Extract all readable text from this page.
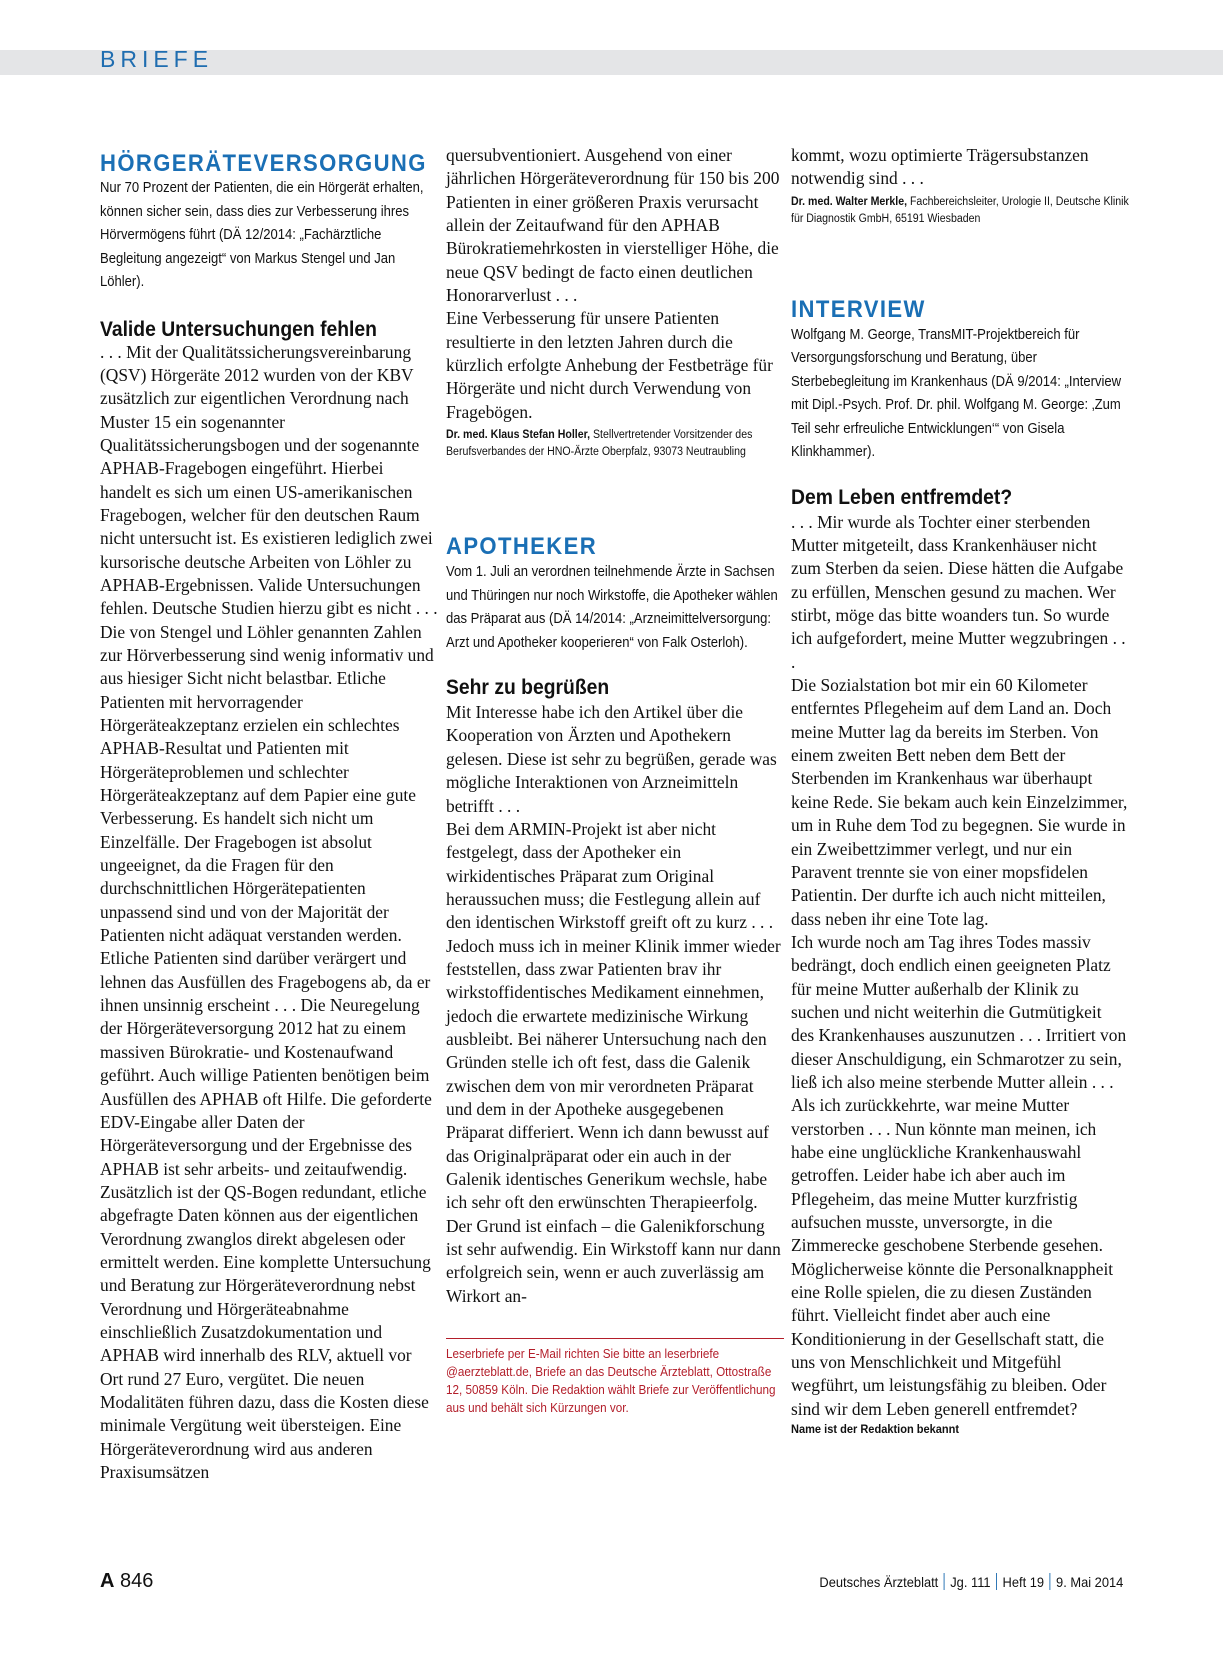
BRIEFE
HÖRGERÄTEVERSORGUNG

Nur 70 Prozent der Patienten, die ein Hörgerät erhalten, können sicher sein, dass dies zur Verbesserung ihres Hörvermögens führt (DÄ 12/2014: „Fachärztliche Begleitung angezeigt“ von Markus Stengel und Jan Löhler).

Valide Untersuchungen fehlen

. . . Mit der Qualitätssicherungsvereinbarung (QSV) Hörgeräte 2012 wurden von der KBV zusätzlich zur eigentlichen Verordnung nach Muster 15 ein sogenannter Qualitätssicherungsbogen und der sogenannte APHAB-Fragebogen eingeführt. Hierbei handelt es sich um einen US-amerikanischen Fragebogen, welcher für den deutschen Raum nicht untersucht ist. Es existieren lediglich zwei kursorische deutsche Arbeiten von Löhler zu APHAB-Ergebnissen. Valide Untersuchungen fehlen. Deutsche Studien hierzu gibt es nicht . . . Die von Stengel und Löhler genannten Zahlen zur Hörverbesserung sind wenig informativ und aus hiesiger Sicht nicht belastbar. Etliche Patienten mit hervorragender Hörgeräteakzeptanz erzielen ein schlechtes APHAB-Resultat und Patienten mit Hörgeräteproblemen und schlechter Hörgeräteakzeptanz auf dem Papier eine gute Verbesserung. Es handelt sich nicht um Einzelfälle. Der Fragebogen ist absolut ungeeignet, da die Fragen für den durchschnittlichen Hörgerätepatienten unpassend sind und von der Majorität der Patienten nicht adäquat verstanden werden. Etliche Patienten sind darüber verärgert und lehnen das Ausfüllen des Fragebogens ab, da er ihnen unsinnig erscheint . . . Die Neuregelung der Hörgeräteversorgung 2012 hat zu einem massiven Bürokratie- und Kostenaufwand geführt. Auch willige Patienten benötigen beim Ausfüllen des APHAB oft Hilfe. Die geforderte EDV-Eingabe aller Daten der Hörgeräteversorgung und der Ergebnisse des APHAB ist sehr arbeits- und zeitaufwendig. Zusätzlich ist der QS-Bogen redundant, etliche abgefragte Daten können aus der eigentlichen Verordnung zwanglos direkt abgelesen oder ermittelt werden. Eine komplette Untersuchung und Beratung zur Hörgeräteverordnung nebst Verordnung und Hörgeräteabnahme einschließlich Zusatzdokumentation und APHAB wird innerhalb des RLV, aktuell vor Ort rund 27 Euro, vergütet. Die neuen Modalitäten führen dazu, dass die Kosten diese minimale Vergütung weit übersteigen. Eine Hörgeräteverordnung wird aus anderen Praxisumsätzen

quersubventioniert. Ausgehend von einer jährlichen Hörgeräteverordnung für 150 bis 200 Patienten in einer größeren Praxis verursacht allein der Zeitaufwand für den APHAB Bürokratiemehrkosten in vierstelliger Höhe, die neue QSV bedingt de facto einen deutlichen Honorarverlust . . .

Eine Verbesserung für unsere Patienten resultierte in den letzten Jahren durch die kürzlich erfolgte Anhebung der Festbeträge für Hörgeräte und nicht durch Verwendung von Fragebögen.

Dr. med. Klaus Stefan Holler, Stellvertretender Vorsitzender des Berufsverbandes der HNO-Ärzte Oberpfalz, 93073 Neutraubling

APOTHEKER

Vom 1. Juli an verordnen teilnehmende Ärzte in Sachsen und Thüringen nur noch Wirkstoffe, die Apotheker wählen das Präparat aus (DÄ 14/2014: „Arzneimittelversorgung: Arzt und Apotheker kooperieren“ von Falk Osterloh).

Sehr zu begrüßen

Mit Interesse habe ich den Artikel über die Kooperation von Ärzten und Apothekern gelesen. Diese ist sehr zu begrüßen, gerade was mögliche Interaktionen von Arzneimitteln betrifft . . .

Bei dem ARMIN-Projekt ist aber nicht festgelegt, dass der Apotheker ein wirkidentisches Präparat zum Original heraussuchen muss; die Festlegung allein auf den identischen Wirkstoff greift oft zu kurz . . .

Jedoch muss ich in meiner Klinik immer wieder feststellen, dass zwar Patienten brav ihr wirkstoffidentisches Medikament einnehmen, jedoch die erwartete medizinische Wirkung ausbleibt. Bei näherer Untersuchung nach den Gründen stelle ich oft fest, dass die Galenik zwischen dem von mir verordneten Präparat und dem in der Apotheke ausgegebenen Präparat differiert. Wenn ich dann bewusst auf das Originalpräparat oder ein auch in der Galenik identisches Generikum wechsle, habe ich sehr oft den erwünschten Therapieerfolg. Der Grund ist einfach – die Galenikforschung ist sehr aufwendig. Ein Wirkstoff kann nur dann erfolgreich sein, wenn er auch zuverlässig am Wirkort an-

Leserbriefe per E-Mail richten Sie bitte an leserbriefe @aerzteblatt.de, Briefe an das Deutsche Ärzteblatt, Ottostraße 12, 50859 Köln. Die Redaktion wählt Briefe zur Veröffentlichung aus und behält sich Kürzungen vor.

kommt, wozu optimierte Trägersubstanzen notwendig sind . . .

Dr. med. Walter Merkle, Fachbereichsleiter, Urologie II, Deutsche Klinik für Diagnostik GmbH, 65191 Wiesbaden

INTERVIEW

Wolfgang M. George, TransMIT-Projektbereich für Versorgungsforschung und Beratung, über Sterbebegleitung im Krankenhaus (DÄ 9/2014: „Interview mit Dipl.-Psych. Prof. Dr. phil. Wolfgang M. George: ‚Zum Teil sehr erfreuliche Entwicklungen‘“ von Gisela Klinkhammer).

Dem Leben entfremdet?

. . . Mir wurde als Tochter einer sterbenden Mutter mitgeteilt, dass Krankenhäuser nicht zum Sterben da seien. Diese hätten die Aufgabe zu erfüllen, Menschen gesund zu machen. Wer stirbt, möge das bitte woanders tun. So wurde ich aufgefordert, meine Mutter wegzubringen . . .

Die Sozialstation bot mir ein 60 Kilometer entferntes Pflegeheim auf dem Land an. Doch meine Mutter lag da bereits im Sterben. Von einem zweiten Bett neben dem Bett der Sterbenden im Krankenhaus war überhaupt keine Rede. Sie bekam auch kein Einzelzimmer, um in Ruhe dem Tod zu begegnen. Sie wurde in ein Zweibettzimmer verlegt, und nur ein Paravent trennte sie von einer mopsfidelen Patientin. Der durfte ich auch nicht mitteilen, dass neben ihr eine Tote lag.

Ich wurde noch am Tag ihres Todes massiv bedrängt, doch endlich einen geeigneten Platz für meine Mutter außerhalb der Klinik zu suchen und nicht weiterhin die Gutmütigkeit des Krankenhauses auszunutzen . . . Irritiert von dieser Anschuldigung, ein Schmarotzer zu sein, ließ ich also meine sterbende Mutter allein . . . Als ich zurückkehrte, war meine Mutter verstorben . . . Nun könnte man meinen, ich habe eine unglückliche Krankenhauswahl getroffen. Leider habe ich aber auch im Pflegeheim, das meine Mutter kurzfristig aufsuchen musste, unversorgte, in die Zimmerecke geschobene Sterbende gesehen. Möglicherweise könnte die Personalknappheit eine Rolle spielen, die zu diesen Zuständen führt. Vielleicht findet aber auch eine Konditionierung in der Gesellschaft statt, die uns von Menschlichkeit und Mitgefühl wegführt, um leistungsfähig zu bleiben. Oder sind wir dem Leben generell entfremdet?

Name ist der Redaktion bekannt

A 846	Deutsches Ärzteblatt Jg. 111 Heft 19 9. Mai 2014
